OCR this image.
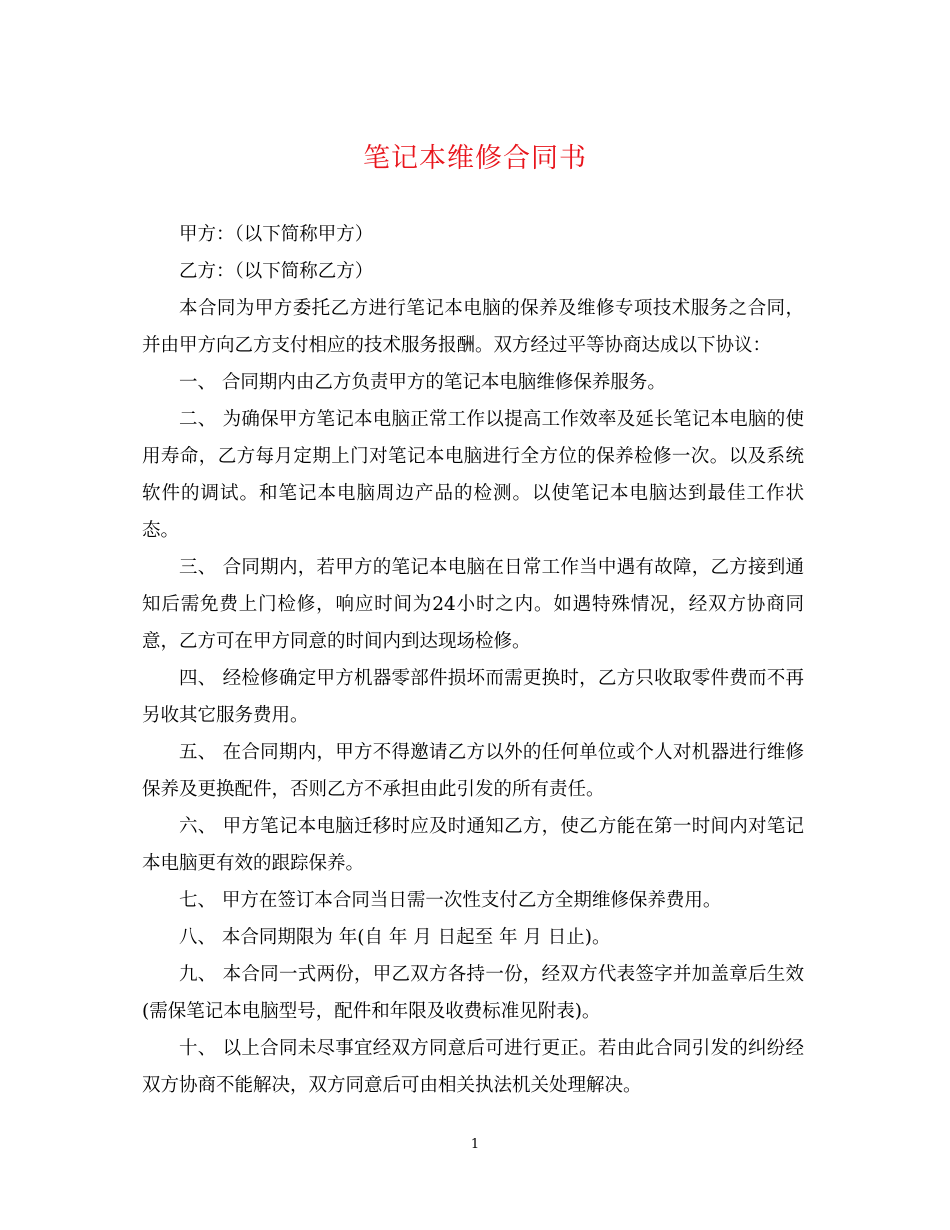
笔记本维修合同书

甲方：（以下简称甲方）

乙方：（以下简称乙方）

本合同为甲方委托乙方进行笔记本电脑的保养及维修专项技术服务之合同，并由甲方向乙方支付相应的技术服务报酬。双方经过平等协商达成以下协议：

一、 合同期内由乙方负责甲方的笔记本电脑维修保养服务。

二、 为确保甲方笔记本电脑正常工作以提高工作效率及延长笔记本电脑的使用寿命，乙方每月定期上门对笔记本电脑进行全方位的保养检修一次。以及系统软件的调试。和笔记本电脑周边产品的检测。以使笔记本电脑达到最佳工作状态。

三、 合同期内，若甲方的笔记本电脑在日常工作当中遇有故障，乙方接到通知后需免费上门检修，响应时间为24小时之内。如遇特殊情况，经双方协商同意，乙方可在甲方同意的时间内到达现场检修。

四、 经检修确定甲方机器零部件损坏而需更换时，乙方只收取零件费而不再另收其它服务费用。

五、 在合同期内，甲方不得邀请乙方以外的任何单位或个人对机器进行维修保养及更换配件，否则乙方不承担由此引发的所有责任。

六、 甲方笔记本电脑迁移时应及时通知乙方，使乙方能在第一时间内对笔记本电脑更有效的跟踪保养。

七、 甲方在签订本合同当日需一次性支付乙方全期维修保养费用。

八、 本合同期限为 年(自 年 月 日起至 年 月 日止)。

九、 本合同一式两份，甲乙双方各持一份，经双方代表签字并加盖章后生效(需保笔记本电脑型号，配件和年限及收费标准见附表)。

十、 以上合同未尽事宜经双方同意后可进行更正。若由此合同引发的纠纷经双方协商不能解决，双方同意后可由相关执法机关处理解决。

1
